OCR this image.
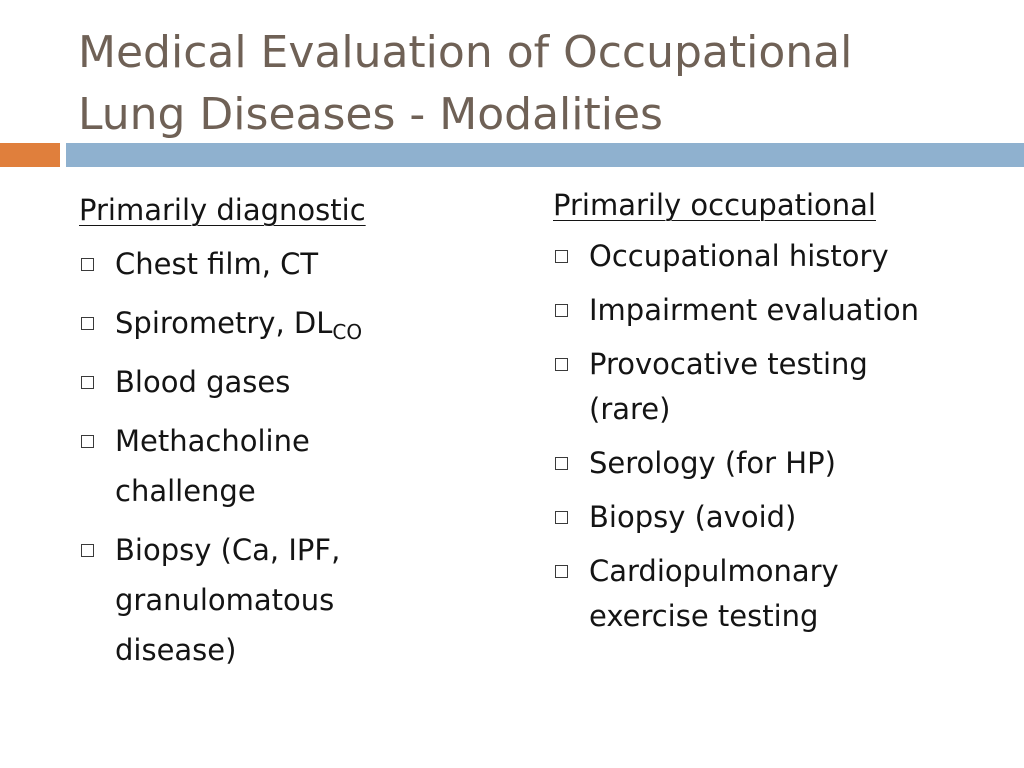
Medical Evaluation of Occupational
Lung Diseases - Modalities
Primarily diagnostic
Chest film, CT
Spirometry, $DL_{CO}$
Blood gases
Methacholine challenge
Biopsy (Ca, IPF, granulomatous disease)
Primarily occupational
Occupational history
Impairment evaluation
Provocative testing (rare)
Serology (for HP)
Biopsy (avoid)
Cardiopulmonary exercise testing
